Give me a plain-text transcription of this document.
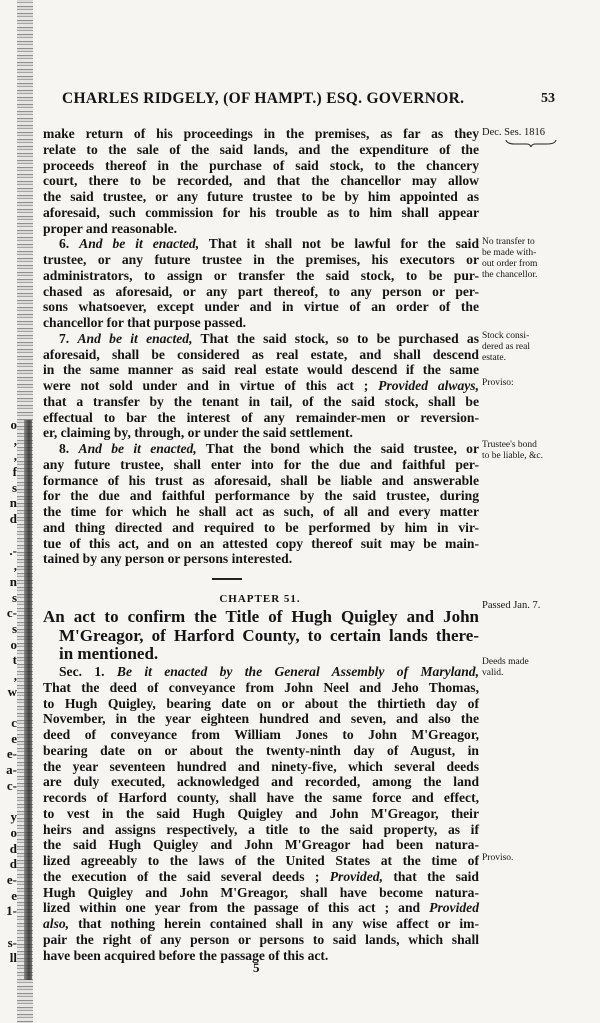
o
,
,
f
s
n
d
.-
,
n
s
c-
s
o
t
,
w
c
e
e-
a-
c-
y
o
d
d
e-
e
1-
s-
ll
CHARLES RIDGELY, (OF HAMPT.) ESQ. GOVERNOR.	53
make return of his proceedings in the premises, as far as they
relate to the sale of the said lands, and the expenditure of the
proceeds thereof in the purchase of said stock, to the chancery
court, there to be recorded, and that the chancellor may allow
the said trustee, or any future trustee to be by him appointed as
aforesaid, such commission for his trouble as to him shall appear
proper and reasonable.
6. And be it enacted, That it shall not be lawful for the said
trustee, or any future trustee in the premises, his executors or
administrators, to assign or transfer the said stock, to be pur-
chased as aforesaid, or any part thereof, to any person or per-
sons whatsoever, except under and in virtue of an order of the
chancellor for that purpose passed.
7. And be it enacted, That the said stock, so to be purchased as
aforesaid, shall be considered as real estate, and shall descend
in the same manner as said real estate would descend if the same
were not sold under and in virtue of this act ; Provided always,
that a transfer by the tenant in tail, of the said stock, shall be
effectual to bar the interest of any remainder-men or reversion-
er, claiming by, through, or under the said settlement.
8. And be it enacted, That the bond which the said trustee, or
any future trustee, shall enter into for the due and faithful per-
formance of his trust as aforesaid, shall be liable and answerable
for the due and faithful performance by the said trustee, during
the time for which he shall act as such, of all and every matter
and thing directed and required to be performed by him in vir-
tue of this act, and on an attested copy thereof suit may be main-
tained by any person or persons interested.
Dec. Ses. 1816
No transfer to
be made with-
out order from
the chancellor.
Stock consi-
dered as real
estate.
Proviso:
Trustee's bond
to be liable, &c.
CHAPTER 51.
Passed Jan. 7.
An act to confirm the Title of Hugh Quigley and John
M'Greagor, of Harford County, to certain lands there-
in mentioned.	Deeds made
valid.
Sec. 1. Be it enacted by the General Assembly of Maryland,
That the deed of conveyance from John Neel and Jeho Thomas,
to Hugh Quigley, bearing date on or about the thirtieth day of
November, in the year eighteen hundred and seven, and also the
deed of conveyance from William Jones to John M'Greagor,
bearing date on or about the twenty-ninth day of August, in
the year seventeen hundred and ninety-five, which several deeds
are duly executed, acknowledged and recorded, among the land
records of Harford county, shall have the same force and effect,
to vest in the said Hugh Quigley and John M'Greagor, their
heirs and assigns respectively, a title to the said property, as if
the said Hugh Quigley and John M'Greagor had been natura-
lized agreeably to the laws of the United States at the time of
the execution of the said several deeds ; Provided, that the said
Hugh Quigley and John M'Greagor, shall have become natura-
lized within one year from the passage of this act ; and Provided
also, that nothing herein contained shall in any wise affect or im-
pair the right of any person or persons to said lands, which shall
have been acquired before the passage of this act.
Proviso.
5
